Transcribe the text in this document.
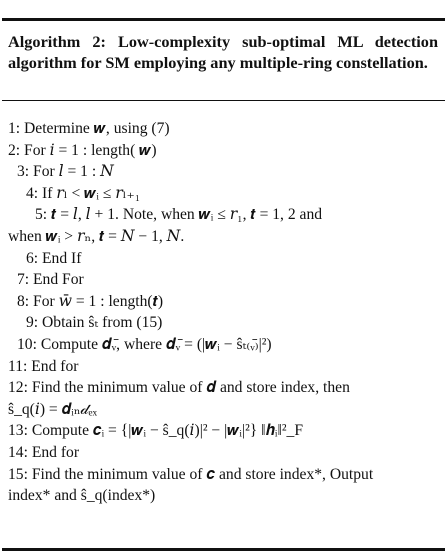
Algorithm 2: Low-complexity sub-optimal ML detection algorithm for SM employing any multiple-ring constellation.
1: Determine 𝒘, using (7)
2: For 𝑖 = 1 : length( 𝒘)
3: For 𝑙 = 1 : 𝑁
4: If 𝑟ₗ < 𝒘ᵢ ≤ 𝑟ₗ₊₁
5: 𝒕 = 𝑙, 𝑙 + 1. Note, when 𝒘ᵢ ≤ 𝑟₁, 𝒕 = 1, 2 and
when 𝒘ᵢ > 𝑟ₙ, 𝒕 = 𝑁 − 1, 𝑁.
6: End If
7: End For
8: For 𝑤̄ = 1 : length(𝒕)
9: Obtain ŝₜ from (15)
10: Compute 𝒅ᵥ̄, where 𝒅ᵥ̄ = (|𝒘ᵢ − ŝₜ₍ᵥ̄₎|²)
11: End for
12: Find the minimum value of 𝒅 and store index, then
ŝ_q(𝑖) = 𝒅ᵢₙ𝒹ₑₓ
13: Compute 𝒄ᵢ = {|𝒘ᵢ − ŝ_q(𝑖)|² − |𝒘ᵢ|²} ‖𝒉ᵢ‖²_F
14: End for
15: Find the minimum value of 𝒄 and store index*, Output
index* and ŝ_q(index*)
